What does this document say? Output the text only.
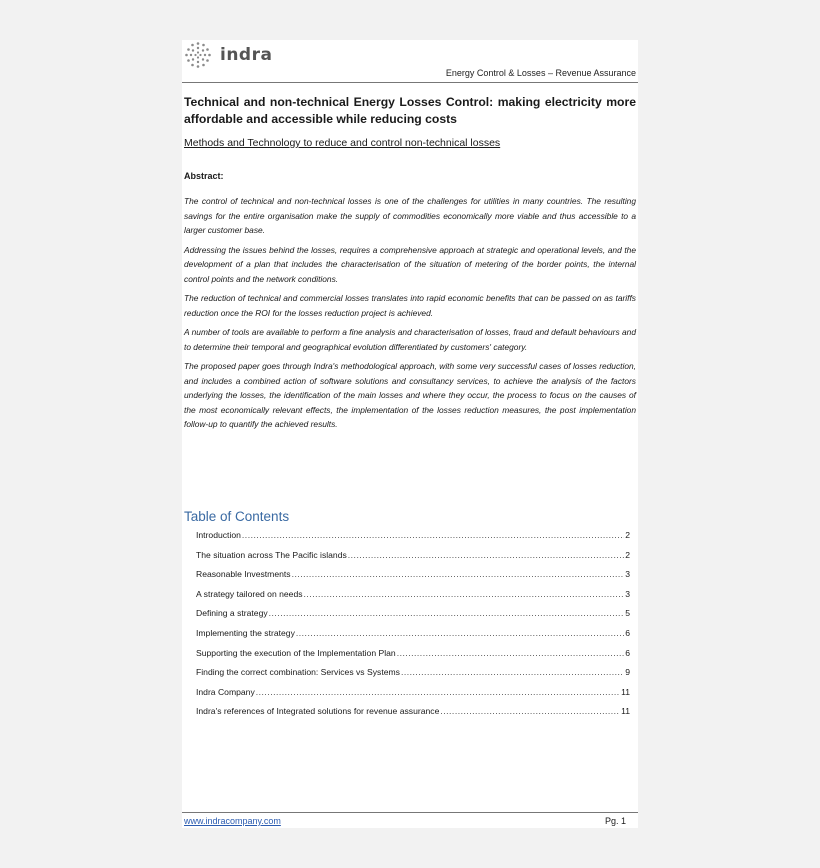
indra
Energy Control & Losses – Revenue Assurance
Technical and non-technical Energy Losses Control: making electricity more affordable and accessible while reducing costs
Methods and Technology to reduce and control non-technical losses
Abstract:

The control of technical and non-technical losses is one of the challenges for utilities in many countries. The resulting savings for the entire organisation make the supply of commodities economically more viable and thus accessible to a larger customer base.

Addressing the issues behind the losses, requires a comprehensive approach at strategic and operational levels, and the development of a plan that includes the characterisation of the situation of metering of the border points, the internal control points and the network conditions.

The reduction of technical and commercial losses translates into rapid economic benefits that can be passed on as tariffs reduction once the ROI for the losses reduction project is achieved.

A number of tools are available to perform a fine analysis and characterisation of losses, fraud and default behaviours and to determine their temporal and geographical evolution differentiated by customers' category.

The proposed paper goes through Indra's methodological approach, with some very successful cases of losses reduction, and includes a combined action of software solutions and consultancy services, to achieve the analysis of the factors underlying the losses, the identification of the main losses and where they occur, the process to focus on the causes of the most economically relevant effects, the implementation of the losses reduction measures, the post implementation follow-up to quantify the achieved results.

Table of Contents
Introduction .....	2
The situation across The Pacific islands .....	2
Reasonable Investments .....	3
A strategy tailored on needs .....	3
Defining a strategy .....	5
Implementing the strategy .....	6
Supporting the execution of the Implementation Plan .....	6
Finding the correct combination: Services vs Systems .....	9
Indra Company .....	11
Indra's references of Integrated solutions for revenue assurance .....	11
www.indracompany.com	Pg. 1
